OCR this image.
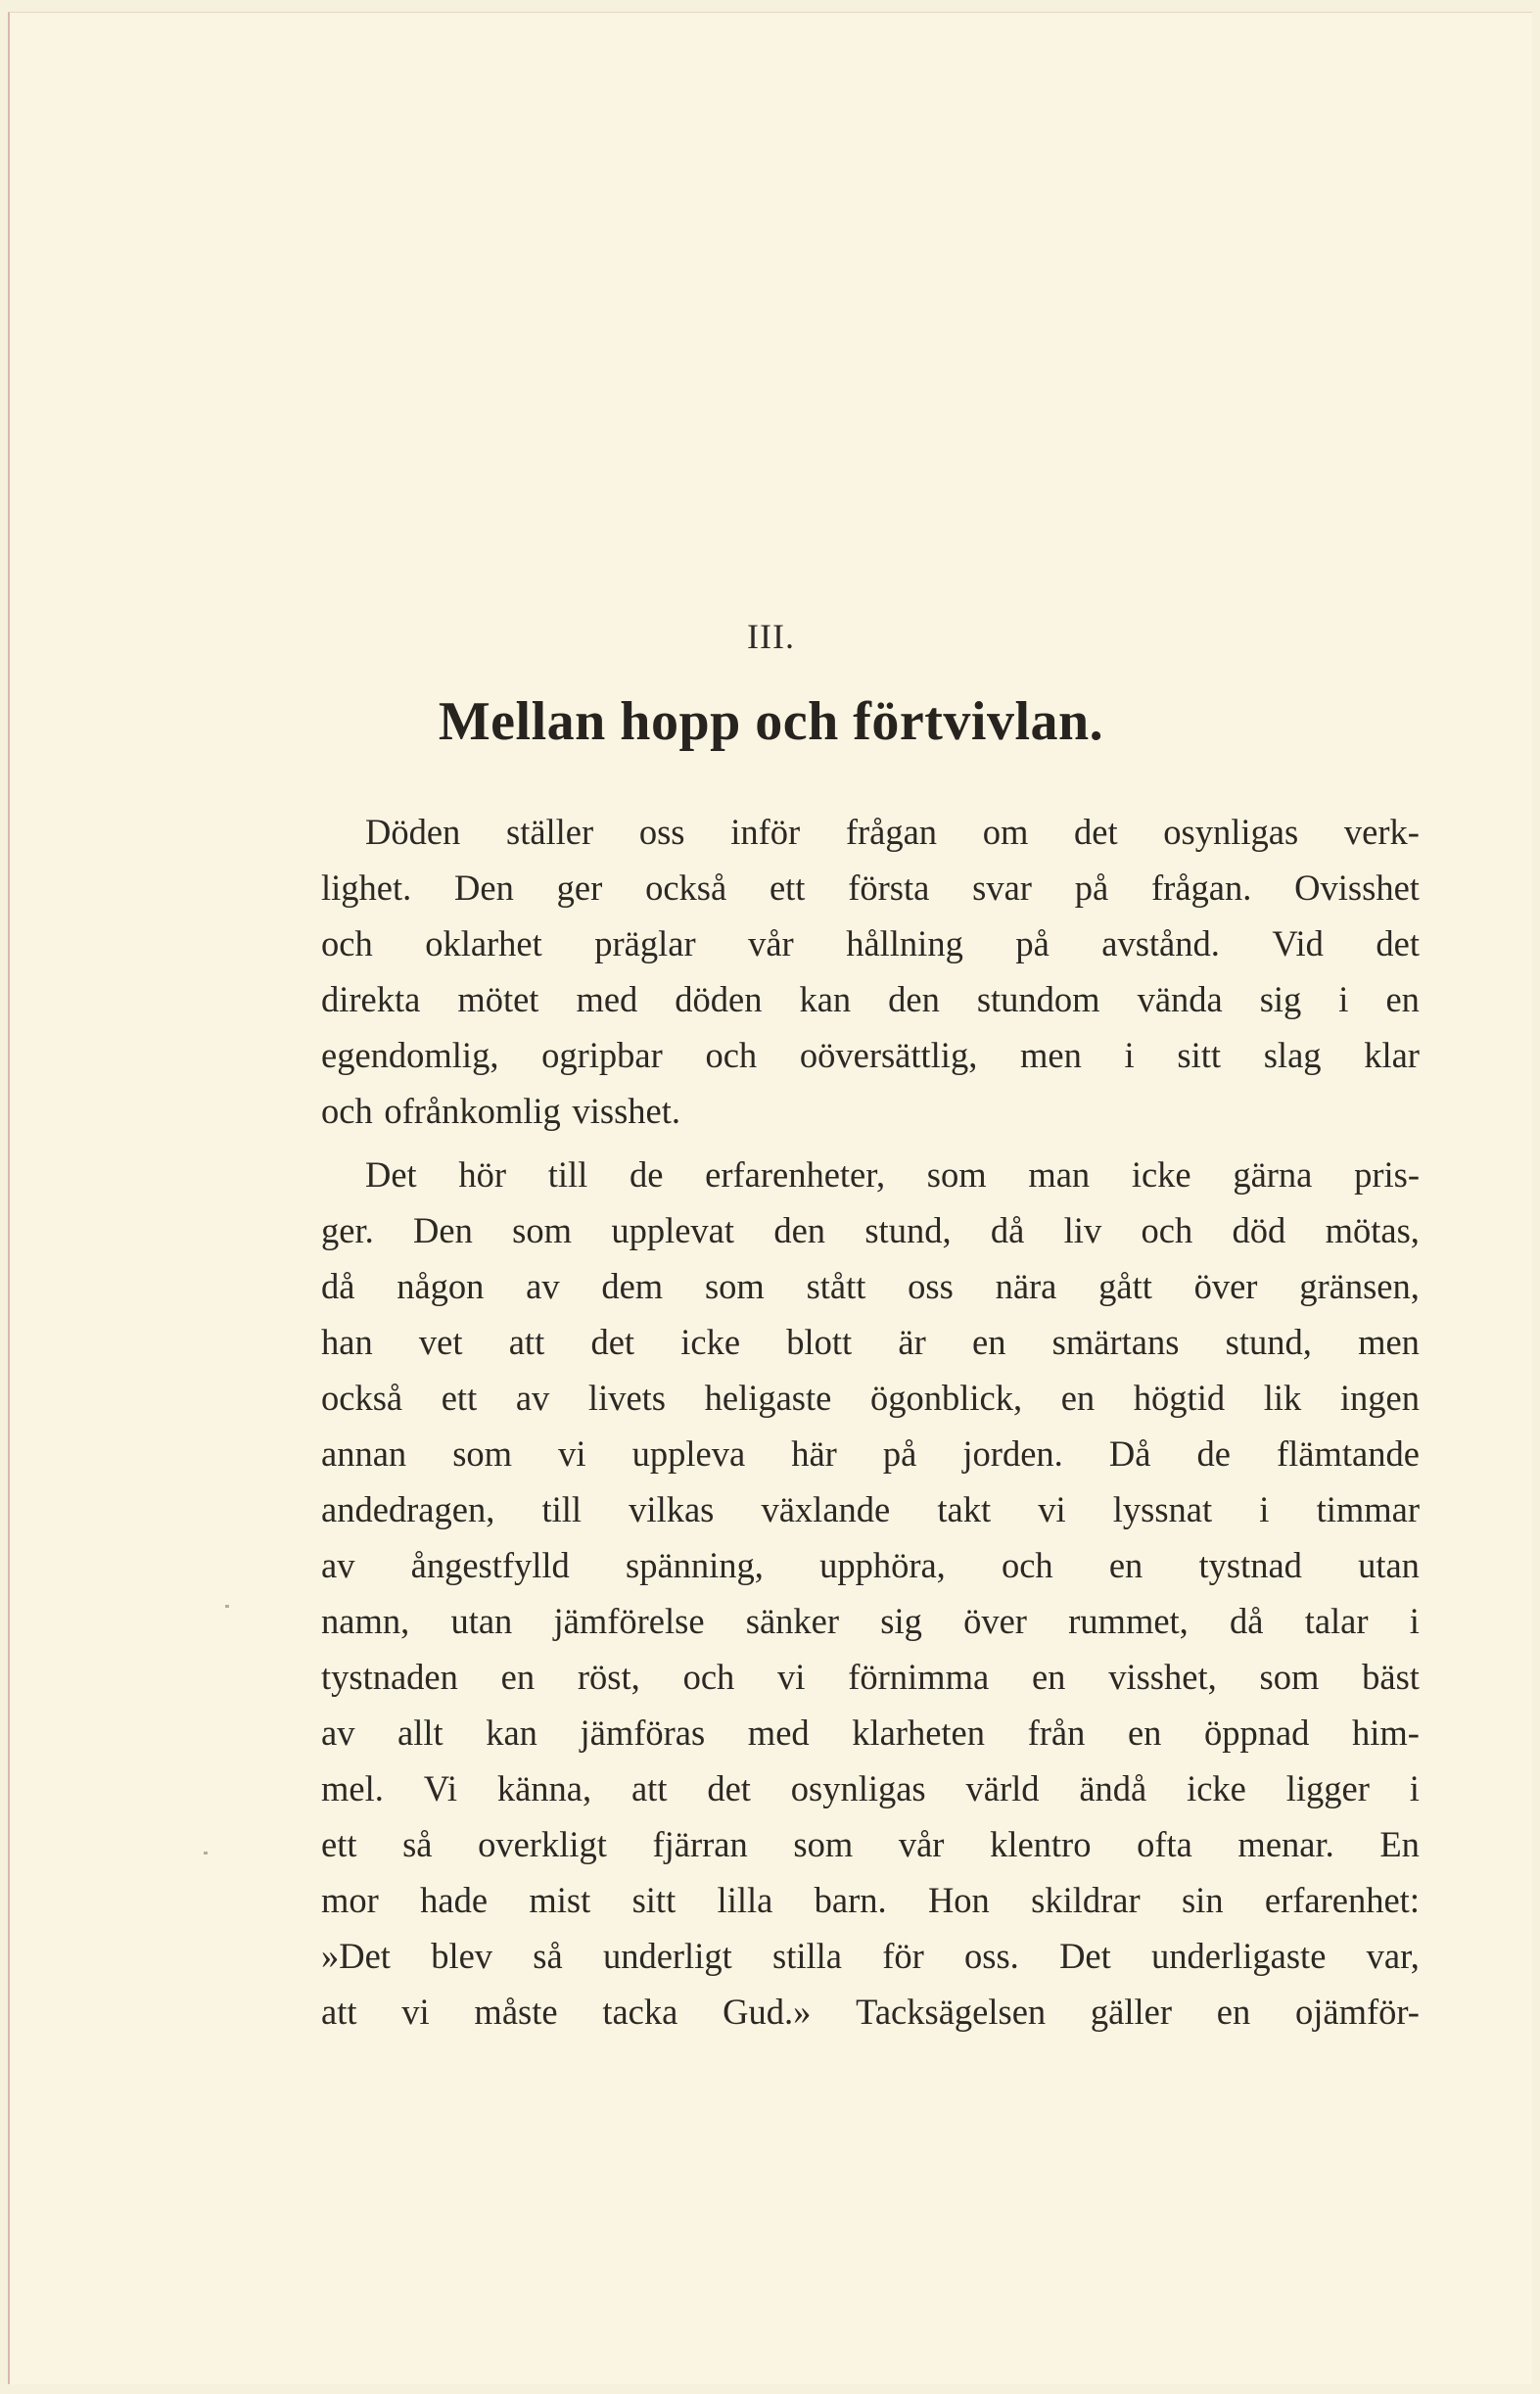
III.
Mellan hopp och förtvivlan.
Döden ställer oss inför frågan om det osynligas verk-
lighet. Den ger också ett första svar på frågan. Ovisshet
och oklarhet präglar vår hållning på avstånd. Vid det
direkta mötet med döden kan den stundom vända sig i en
egendomlig, ogripbar och oöversättlig, men i sitt slag klar
och ofrånkomlig visshet.
Det hör till de erfarenheter, som man icke gärna pris-
ger. Den som upplevat den stund, då liv och död mötas,
då någon av dem som stått oss nära gått över gränsen,
han vet att det icke blott är en smärtans stund, men
också ett av livets heligaste ögonblick, en högtid lik ingen
annan som vi uppleva här på jorden. Då de flämtande
andedragen, till vilkas växlande takt vi lyssnat i timmar
av ångestfylld spänning, upphöra, och en tystnad utan
namn, utan jämförelse sänker sig över rummet, då talar i
tystnaden en röst, och vi förnimma en visshet, som bäst
av allt kan jämföras med klarheten från en öppnad him-
mel. Vi känna, att det osynligas värld ändå icke ligger i
ett så overkligt fjärran som vår klentro ofta menar. En
mor hade mist sitt lilla barn. Hon skildrar sin erfarenhet:
»Det blev så underligt stilla för oss. Det underligaste var,
att vi måste tacka Gud.» Tacksägelsen gäller en ojämför-
